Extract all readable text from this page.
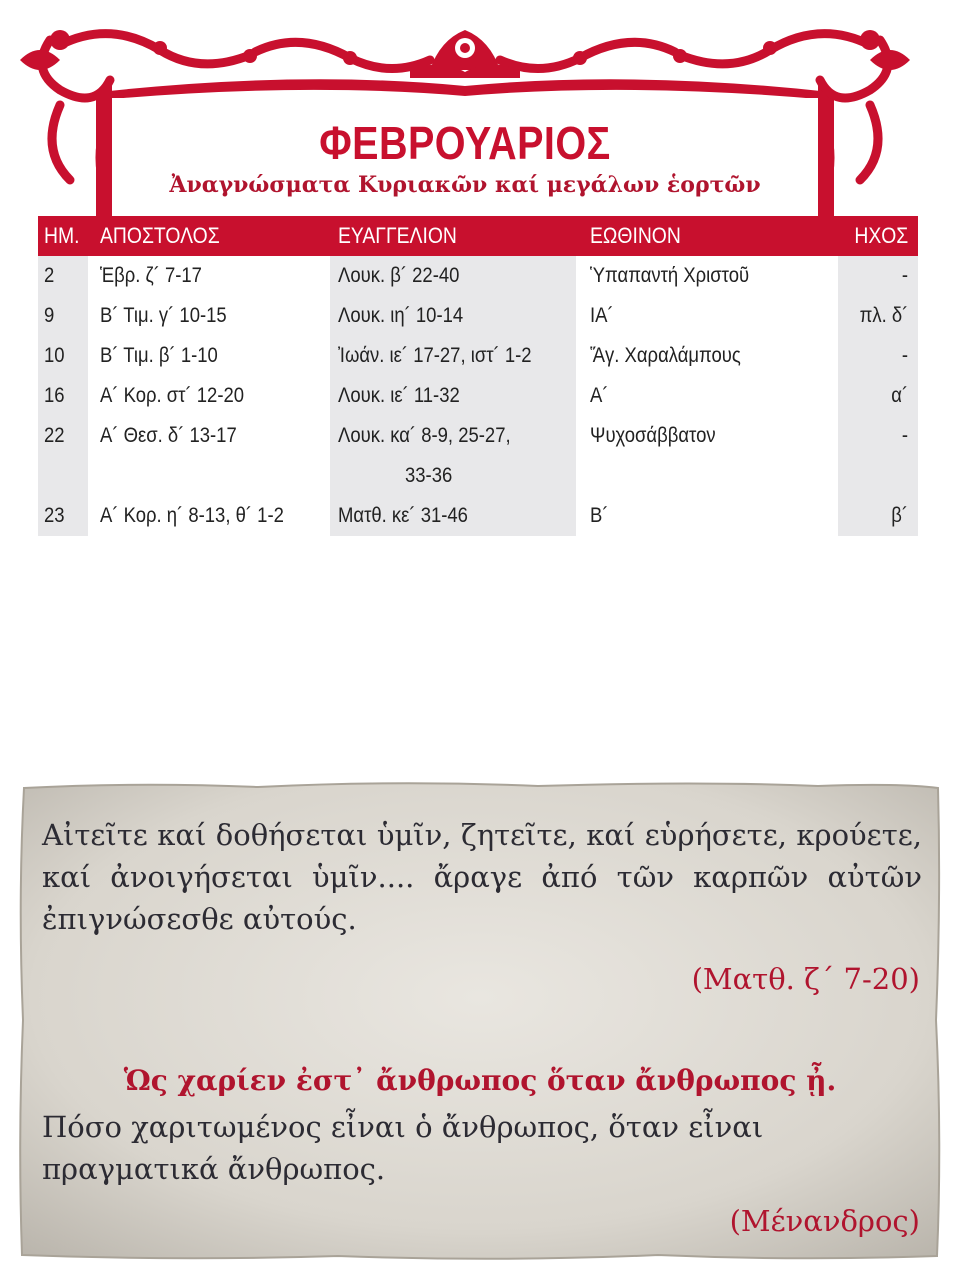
ΦΕΒΡΟΥΑΡΙΟΣ
Ἀναγνώσματα Κυριακῶν καί μεγάλων ἑορτῶν
ΗΜ. ΑΠΟΣΤΟΛΟΣ	ΕΥΑΓΓΕΛΙΟΝ	ΕΩΘΙΝΟΝ	ΗΧΟΣ
2 Ἑβρ. ζ´ 7-17	Λουκ. β´ 22-40	Ὑπαπαντή Χριστοῦ	-
9 Β´ Τιμ. γ´ 10-15	Λουκ. ιη´ 10-14	ΙΑ´	πλ. δ´
10 Β´ Τιμ. β´ 1-10	Ἰωάν. ιε´ 17-27, ιστ´ 1-2	Ἅγ. Χαραλάμπους	-
16 Α´ Κορ. στ´ 12-20	Λουκ. ιε´ 11-32	Α´	α´
22 Α´ Θεσ. δ´ 13-17	Λουκ. κα´ 8-9, 25-27,	Ψυχοσάββατον	-
33-36
23 Α´ Κορ. η´ 8-13, θ´ 1-2	Ματθ. κε´ 31-46	Β´	β´
Αἰτεῖτε καί δοθήσεται ὑμῖν, ζητεῖτε, καί εὑρήσετε, κρούετε, καί ἀνοιγήσεται ὑμῖν.... ἄραγε ἀπό τῶν καρπῶν αὐτῶν ἐπιγνώσεσθε αὐτούς.
(Ματθ. ζ´ 7-20)
Ὡς χαρίεν ἐστ᾽ ἄνθρωπος ὅταν ἄνθρωπος ᾖ.
Πόσο χαριτωμένος εἶναι ὁ ἄνθρωπος, ὅταν εἶναι πραγματικά ἄνθρωπος.
(Μένανδρος)
